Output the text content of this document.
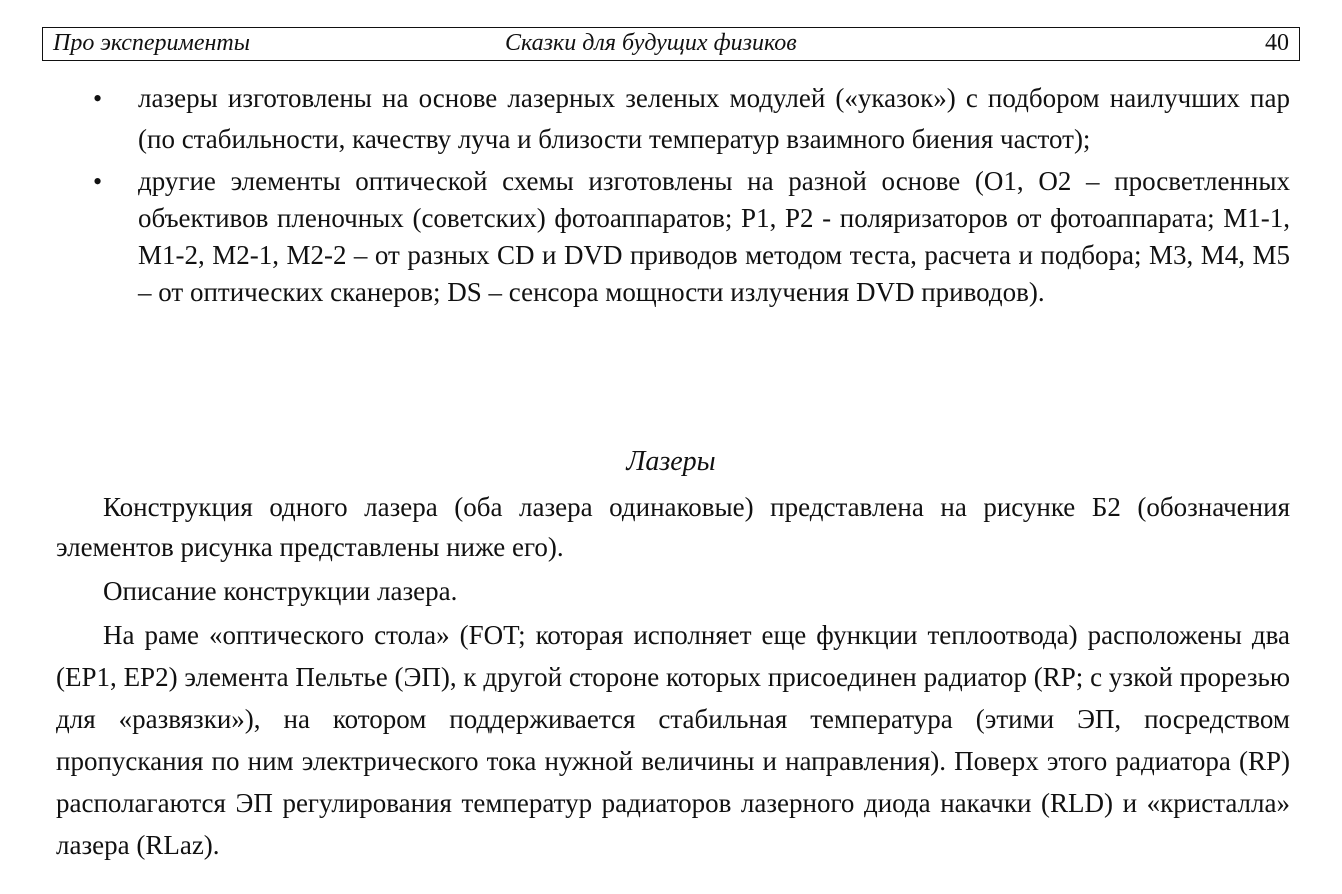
Про эксперименты	Сказки для будущих физиков	40
• лазеры изготовлены на основе лазерных зеленых модулей («указок») с подбором наилучших пар (по стабильности, качеству луча и близости температур взаимного биения частот);
• другие элементы оптической схемы изготовлены на разной основе (O1, O2 – просветленных объективов пленочных (советских) фотоаппаратов; P1, P2 - поляризаторов от фотоаппарата; M1-1, M1-2, M2-1, M2-2 – от разных CD и DVD приводов методом теста, расчета и подбора; M3, M4, M5 – от оптических сканеров; DS – сенсора мощности излучения DVD приводов).
Лазеры
Конструкция одного лазера (оба лазера одинаковые) представлена на рисунке Б2 (обозначения элементов рисунка представлены ниже его).
Описание конструкции лазера.
На раме «оптического стола» (FOT; которая исполняет еще функции теплоотвода) расположены два (EP1, EP2) элемента Пельтье (ЭП), к другой стороне которых присоединен радиатор (RP; с узкой прорезью для «развязки»), на котором поддерживается стабильная температура (этими ЭП, посредством пропускания по ним электрического тока нужной величины и направления). Поверх этого радиатора (RP) располагаются ЭП регулирования температур радиаторов лазерного диода накачки (RLD) и «кристалла» лазера (RLaz).
